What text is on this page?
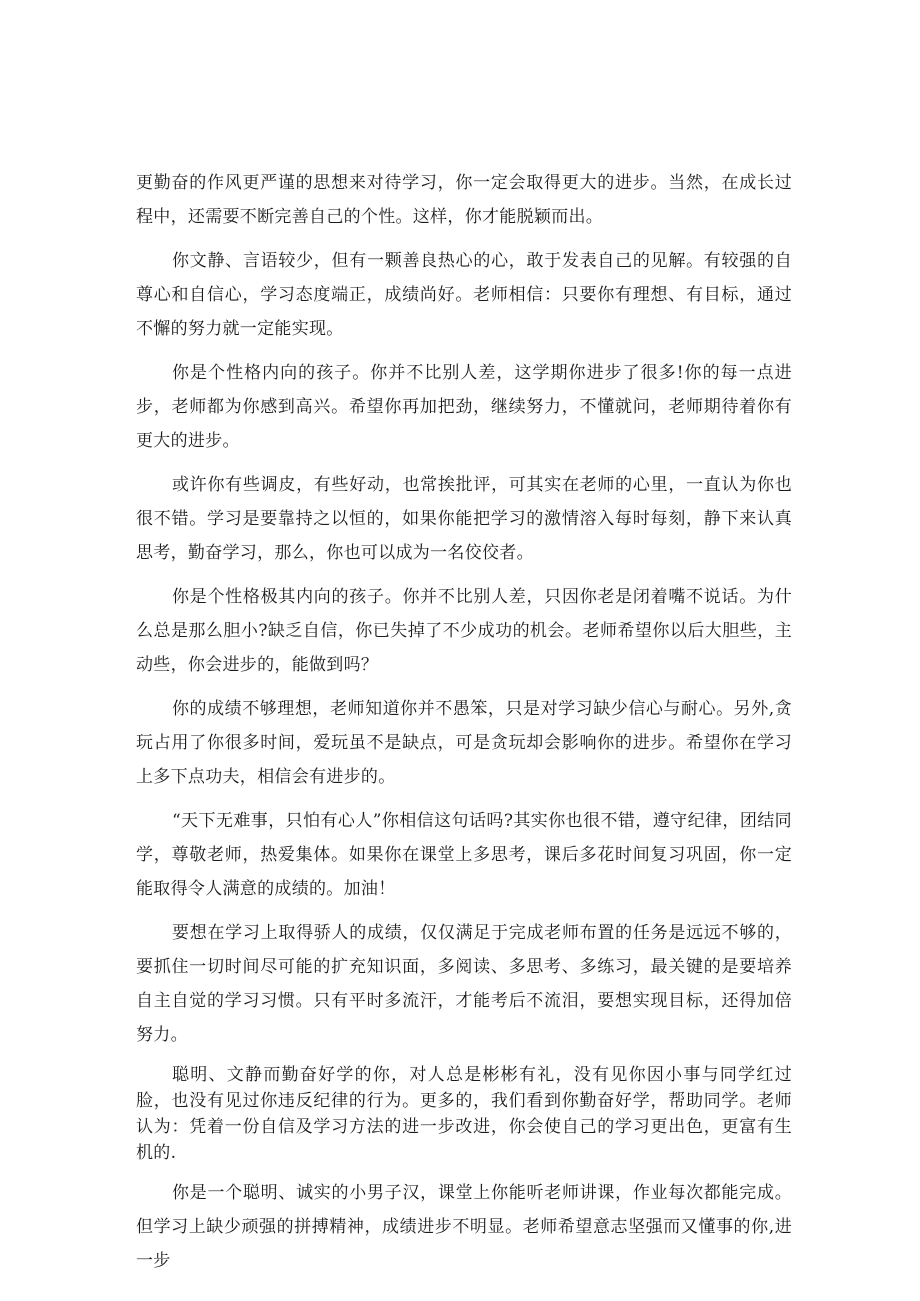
更勤奋的作风更严谨的思想来对待学习，你一定会取得更大的进步。当然，在成长过程中，还需要不断完善自己的个性。这样，你才能脱颖而出。

你文静、言语较少，但有一颗善良热心的心，敢于发表自己的见解。有较强的自尊心和自信心，学习态度端正，成绩尚好。老师相信：只要你有理想、有目标，通过不懈的努力就一定能实现。

你是个性格内向的孩子。你并不比别人差，这学期你进步了很多!你的每一点进步，老师都为你感到高兴。希望你再加把劲，继续努力，不懂就问，老师期待着你有更大的进步。

或许你有些调皮，有些好动，也常挨批评，可其实在老师的心里，一直认为你也很不错。学习是要靠持之以恒的，如果你能把学习的激情溶入每时每刻，静下来认真思考，勤奋学习，那么，你也可以成为一名佼佼者。

你是个性格极其内向的孩子。你并不比别人差，只因你老是闭着嘴不说话。为什么总是那么胆小?缺乏自信，你已失掉了不少成功的机会。老师希望你以后大胆些，主动些，你会进步的，能做到吗？

你的成绩不够理想，老师知道你并不愚笨，只是对学习缺少信心与耐心。另外,贪玩占用了你很多时间，爱玩虽不是缺点，可是贪玩却会影响你的进步。希望你在学习上多下点功夫，相信会有进步的。

“天下无难事，只怕有心人”你相信这句话吗?其实你也很不错，遵守纪律，团结同学，尊敬老师，热爱集体。如果你在课堂上多思考，课后多花时间复习巩固，你一定能取得令人满意的成绩的。加油！

要想在学习上取得骄人的成绩，仅仅满足于完成老师布置的任务是远远不够的，要抓住一切时间尽可能的扩充知识面，多阅读、多思考、多练习，最关键的是要培养自主自觉的学习习惯。只有平时多流汗，才能考后不流泪，要想实现目标，还得加倍努力。

聪明、文静而勤奋好学的你，对人总是彬彬有礼，没有见你因小事与同学红过脸，也没有见过你违反纪律的行为。更多的，我们看到你勤奋好学，帮助同学。老师认为：凭着一份自信及学习方法的进一步改进，你会使自己的学习更出色，更富有生机的.

你是一个聪明、诚实的小男子汉，课堂上你能听老师讲课，作业每次都能完成。但学习上缺少顽强的拼搏精神，成绩进步不明显。老师希望意志坚强而又懂事的你,进一步
